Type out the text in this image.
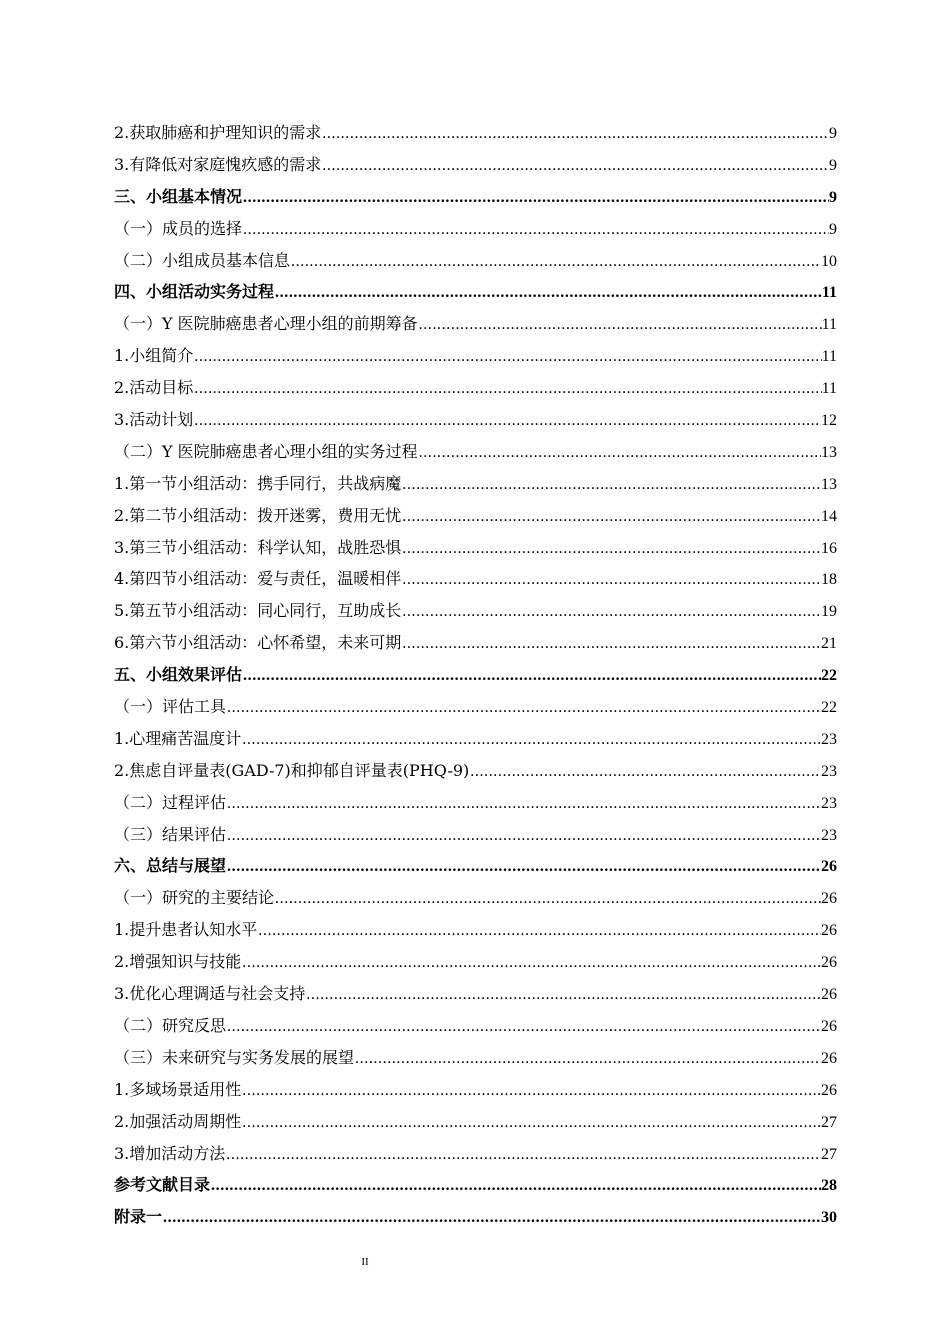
2.获取肺癌和护理知识的需求 .....	9
3.有降低对家庭愧疚感的需求 .....	9
三、小组基本情况 .....	9
（一）成员的选择 .....	9
（二）小组成员基本信息 .....	10
四、小组活动实务过程 .....	11
（一）Y 医院肺癌患者心理小组的前期筹备 .....	11
1.小组简介 .....	11
2.活动目标 .....	11
3.活动计划 .....	12
（二）Y 医院肺癌患者心理小组的实务过程 .....	13
1.第一节小组活动：携手同行，共战病魔 .....	13
2.第二节小组活动：拨开迷雾，费用无忧 .....	14
3.第三节小组活动：科学认知，战胜恐惧 .....	16
4.第四节小组活动：爱与责任，温暖相伴 .....	18
5.第五节小组活动：同心同行，互助成长 .....	19
6.第六节小组活动：心怀希望，未来可期 .....	21
五、小组效果评估 .....	22
（一）评估工具 .....	22
1.心理痛苦温度计 .....	23
2.焦虑自评量表(GAD-7)和抑郁自评量表(PHQ-9) .....	23
（二）过程评估 .....	23
（三）结果评估 .....	23
六、总结与展望 .....	26
（一）研究的主要结论 .....	26
1.提升患者认知水平 .....	26
2.增强知识与技能 .....	26
3.优化心理调适与社会支持 .....	26
（二）研究反思 .....	26
（三）未来研究与实务发展的展望 .....	26
1.多域场景适用性 .....	26
2.加强活动周期性 .....	27
3.增加活动方法 .....	27
参考文献目录 .....	28
附录一 .....	30
II
